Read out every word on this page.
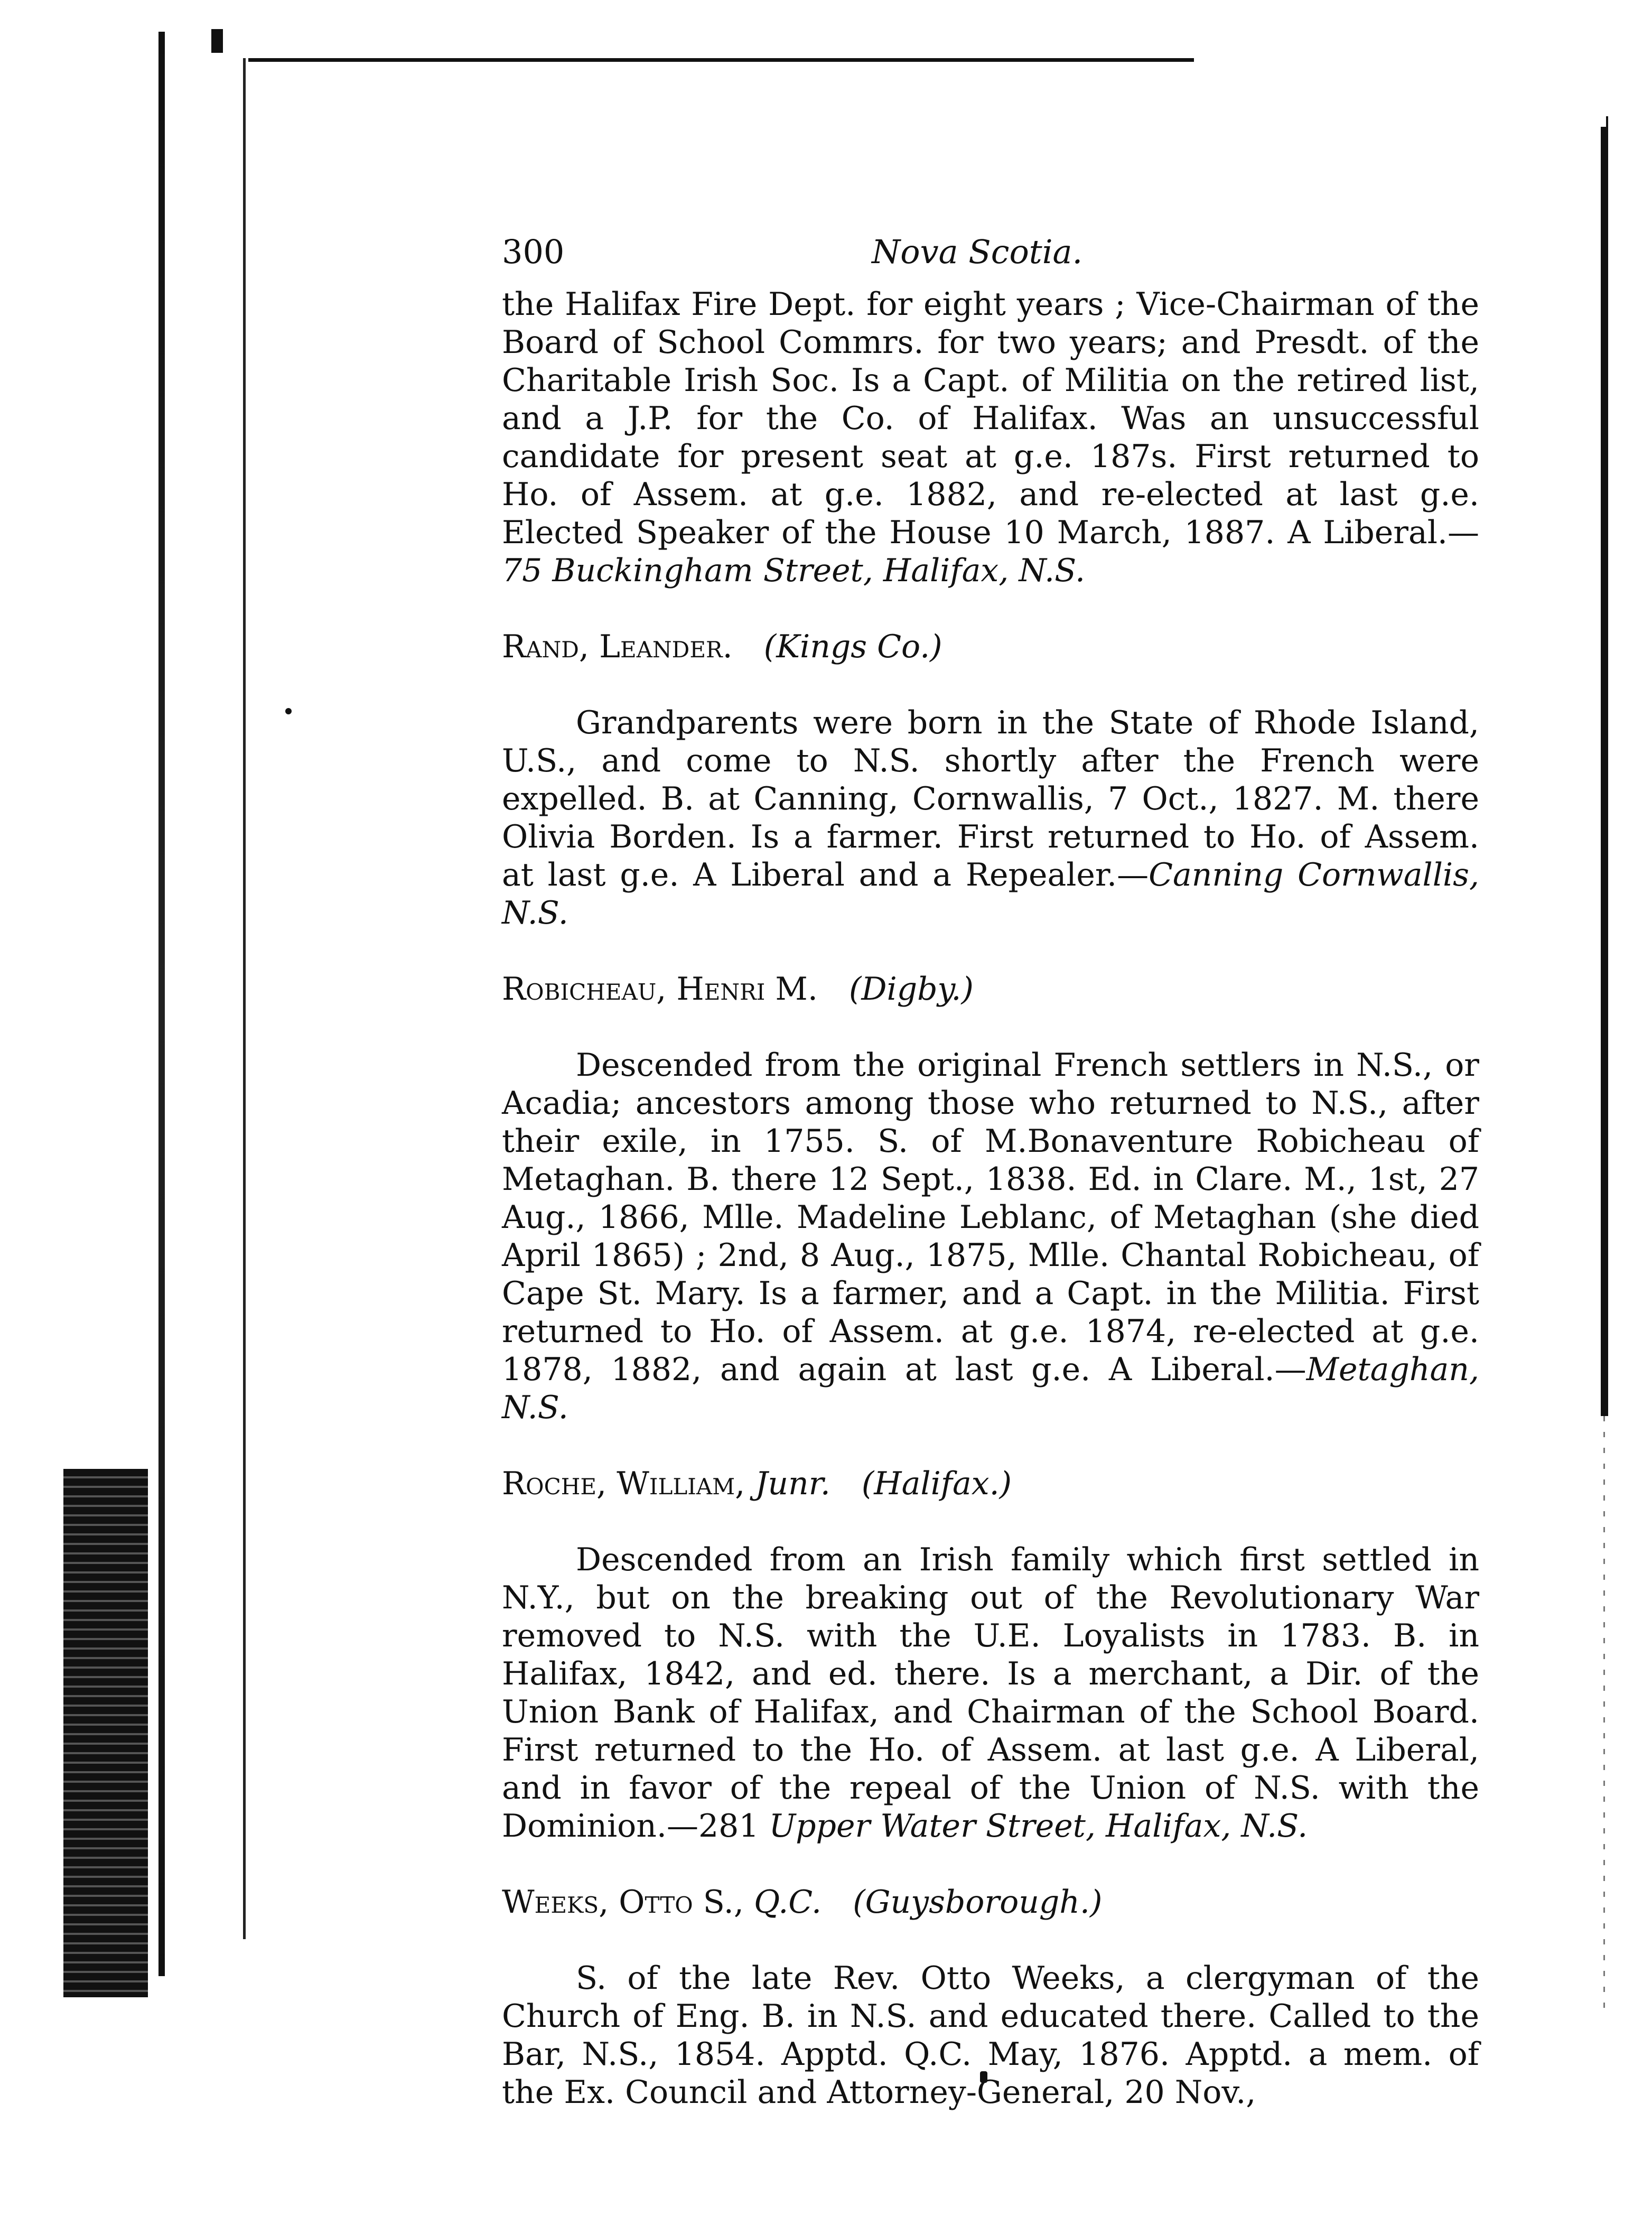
300	Nova Scotia.

the Halifax Fire Dept. for eight years ; Vice-Chairman of the Board of School Commrs. for two years; and Presdt. of the Charitable Irish Soc. Is a Capt. of Militia on the retired list, and a J.P. for the Co. of Halifax. Was an unsuccessful candidate for present seat at g.e. 187s. First returned to Ho. of Assem. at g.e. 1882, and re-elected at last g.e. Elected Speaker of the House 10 March, 1887. A Liberal.—75 Buckingham Street, Halifax, N.S.

Rand, Leander. (Kings Co.)

Grandparents were born in the State of Rhode Island, U.S., and come to N.S. shortly after the French were expelled. B. at Canning, Cornwallis, 7 Oct., 1827. M. there Olivia Borden. Is a farmer. First returned to Ho. of Assem. at last g.e. A Liberal and a Repealer.—Canning Cornwallis, N.S.

Robicheau, Henri M. (Digby.)

Descended from the original French settlers in N.S., or Acadia; ancestors among those who returned to N.S., after their exile, in 1755. S. of M.Bonaventure Robicheau of Metaghan. B. there 12 Sept., 1838. Ed. in Clare. M., 1st, 27 Aug., 1866, Mlle. Madeline Leblanc, of Metaghan (she died April 1865) ; 2nd, 8 Aug., 1875, Mlle. Chantal Robicheau, of Cape St. Mary. Is a farmer, and a Capt. in the Militia. First returned to Ho. of Assem. at g.e. 1874, re-elected at g.e. 1878, 1882, and again at last g.e. A Liberal.—Metaghan, N.S.

Roche, William, Junr. (Halifax.)

Descended from an Irish family which first settled in N.Y., but on the breaking out of the Revolutionary War removed to N.S. with the U.E. Loyalists in 1783. B. in Halifax, 1842, and ed. there. Is a merchant, a Dir. of the Union Bank of Halifax, and Chairman of the School Board. First returned to the Ho. of Assem. at last g.e. A Liberal, and in favor of the repeal of the Union of N.S. with the Dominion.—281 Upper Water Street, Halifax, N.S.

Weeks, Otto S., Q.C. (Guysborough.)

S. of the late Rev. Otto Weeks, a clergyman of the Church of Eng. B. in N.S. and educated there. Called to the Bar, N.S., 1854. Apptd. Q.C. May, 1876. Apptd. a mem. of the Ex. Council and Attorney-General, 20 Nov.,
